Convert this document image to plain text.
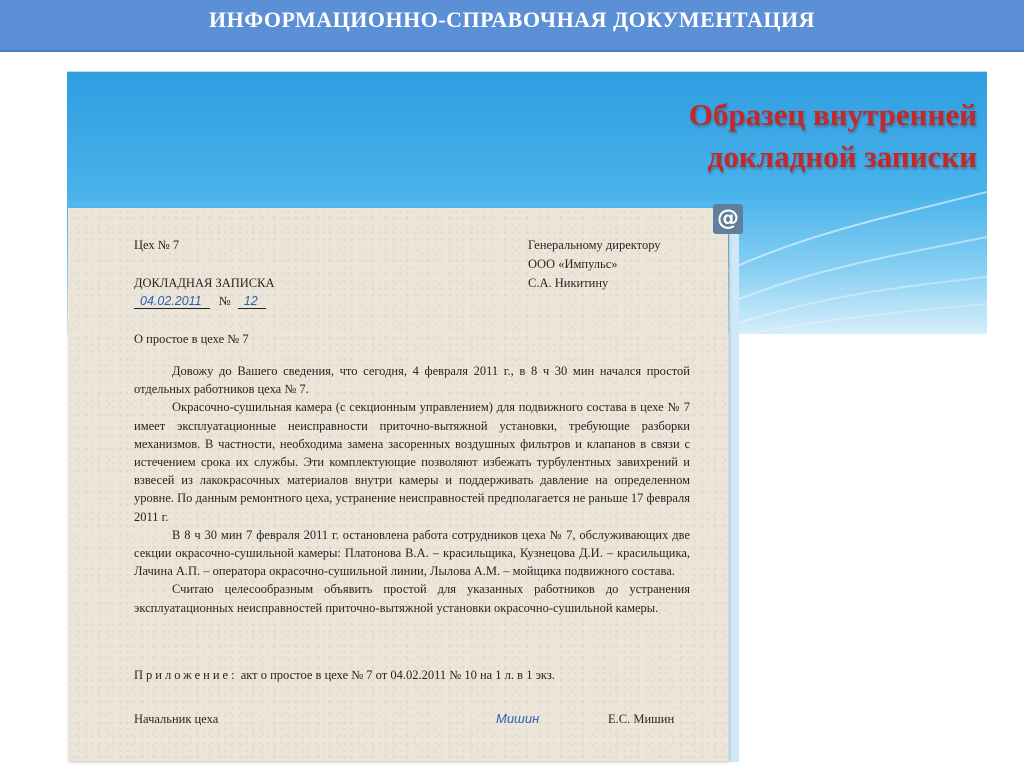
ИНФОРМАЦИОННО-СПРАВОЧНАЯ ДОКУМЕНТАЦИЯ
Образец внутренней
докладной записки
Цех № 7	Генеральному директору
ООО «Импульс»
С.А. Никитину
ДОКЛАДНАЯ ЗАПИСКА
04.02.2011 № 12
О простое в цехе № 7

Довожу до Вашего сведения, что сегодня, 4 февраля 2011 г., в 8 ч 30 мин начался простой отдельных работников цеха № 7.

Окрасочно-сушильная камера (с секционным управлением) для подвижного состава в цехе № 7 имеет эксплуатационные неисправности приточно-вытяжной установки, требующие разборки механизмов. В частности, необходима замена засоренных воздушных фильтров и клапанов в связи с истечением срока их службы. Эти комплектующие позволяют избежать турбулентных завихрений и взвесей из лакокрасочных материалов внутри камеры и поддерживать давление на определенном уровне. По данным ремонтного цеха, устранение неисправностей предполагается не раньше 17 февраля 2011 г.

В 8 ч 30 мин 7 февраля 2011 г. остановлена работа сотрудников цеха № 7, обслуживающих две секции окрасочно-сушильной камеры: Платонова В.А. – красильщика, Кузнецова Д.И. – красильщика, Лачина А.П. – оператора окрасочно-сушильной линии, Лылова А.М. – мойщика подвижного состава.

Считаю целесообразным объявить простой для указанных работников до устранения эксплуатационных неисправностей приточно-вытяжной установки окрасочно-сушильной камеры.

Приложение: акт о простое в цехе № 7 от 04.02.2011 № 10 на 1 л. в 1 экз.
Начальник цеха	Мишин	Е.С. Мишин
@
